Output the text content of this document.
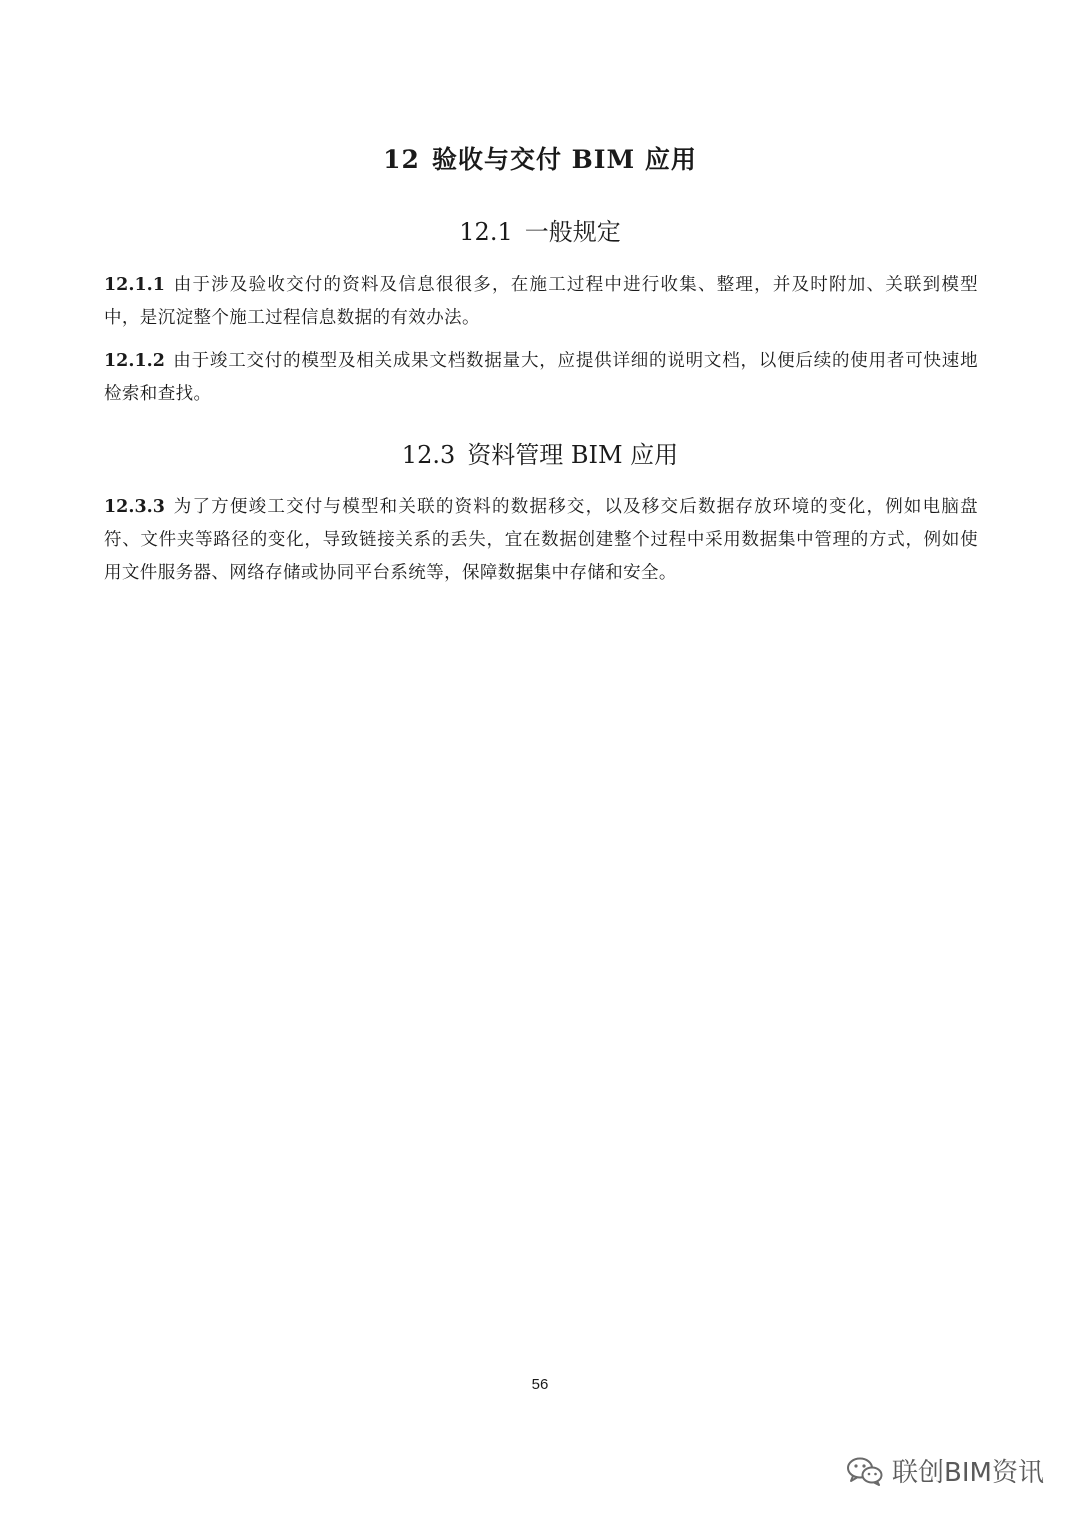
12 验收与交付 BIM 应用
12.1 一般规定
12.1.1 由于涉及验收交付的资料及信息很很多，在施工过程中进行收集、整理，并及时附加、关联到模型中，是沉淀整个施工过程信息数据的有效办法。
12.1.2 由于竣工交付的模型及相关成果文档数据量大，应提供详细的说明文档，以便后续的使用者可快速地检索和查找。
12.3 资料管理 BIM 应用
12.3.3 为了方便竣工交付与模型和关联的资料的数据移交，以及移交后数据存放环境的变化，例如电脑盘符、文件夹等路径的变化，导致链接关系的丢失，宜在数据创建整个过程中采用数据集中管理的方式，例如使用文件服务器、网络存储或协同平台系统等，保障数据集中存储和安全。
56
联创BIM资讯
